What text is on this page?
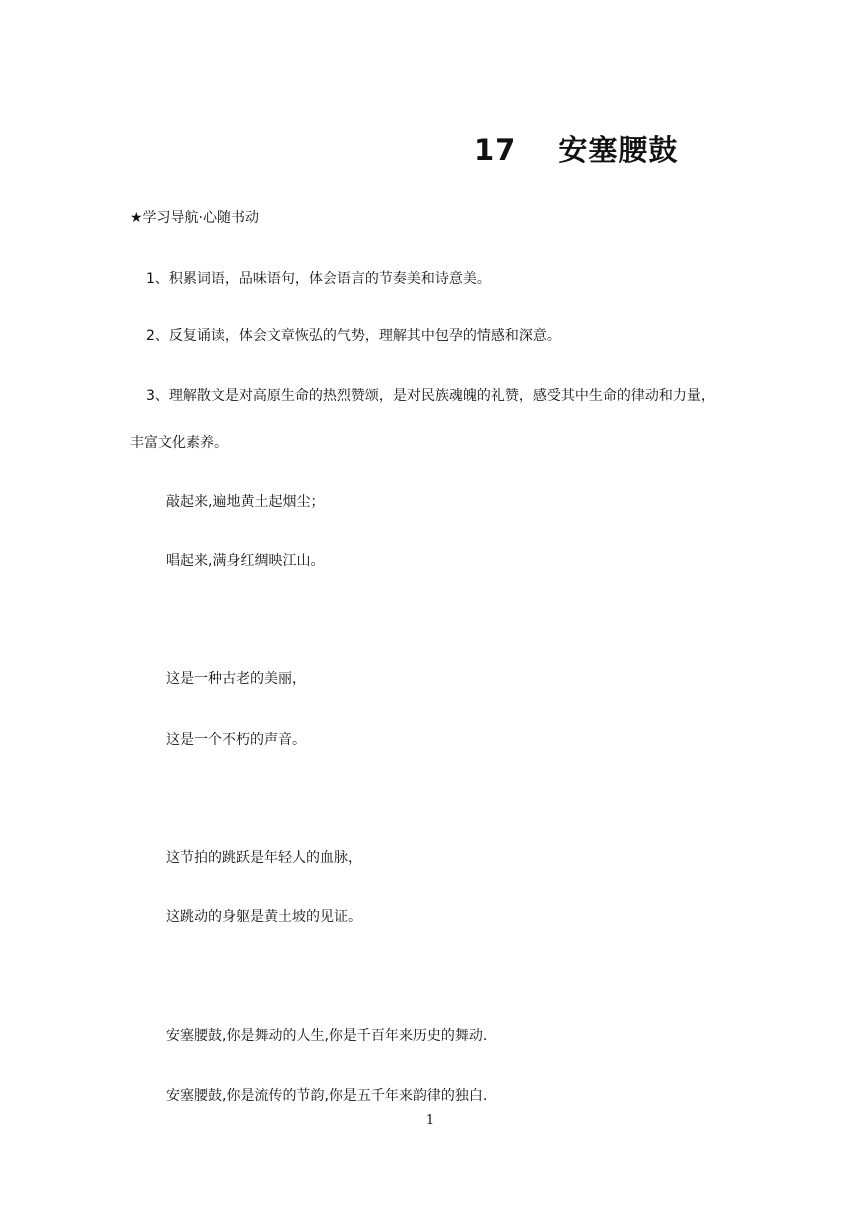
17 安塞腰鼓
★学习导航·心随书动
1、积累词语，品味语句，体会语言的节奏美和诗意美。
2、反复诵读，体会文章恢弘的气势，理解其中包孕的情感和深意。
3、理解散文是对高原生命的热烈赞颂，是对民族魂魄的礼赞，感受其中生命的律动和力量，
丰富文化素养。
敲起来,遍地黄土起烟尘；
唱起来,满身红绸映江山。
这是一种古老的美丽，
这是一个不朽的声音。
这节拍的跳跃是年轻人的血脉，
这跳动的身躯是黄土坡的见证。
安塞腰鼓,你是舞动的人生,你是千百年来历史的舞动.
安塞腰鼓,你是流传的节韵,你是五千年来韵律的独白.
1
